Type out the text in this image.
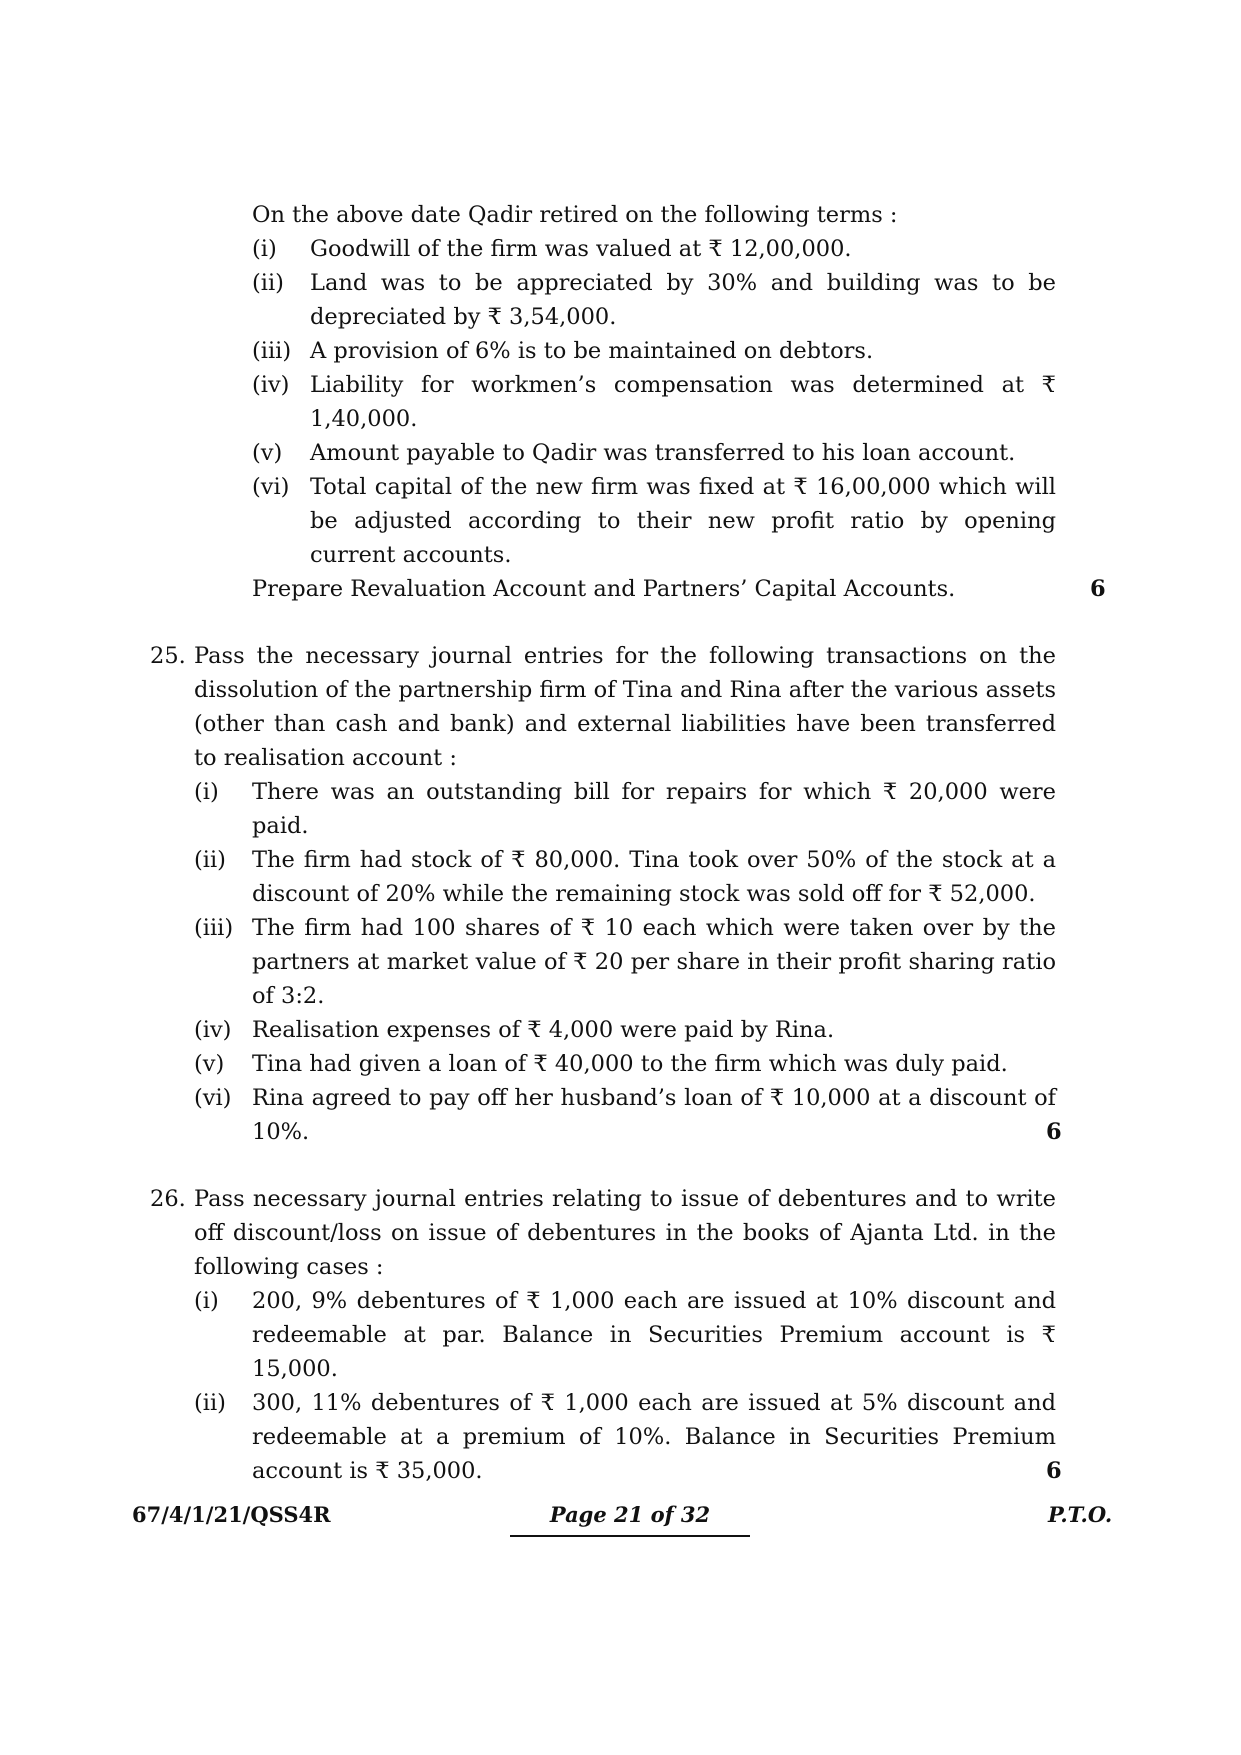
On the above date Qadir retired on the following terms :
(i)	Goodwill of the firm was valued at ₹ 12,00,000.
(ii)	Land was to be appreciated by 30% and building was to be depreciated by ₹ 3,54,000.
(iii) A provision of 6% is to be maintained on debtors.
(iv) Liability for workmen’s compensation was determined at ₹ 1,40,000.
(v)	Amount payable to Qadir was transferred to his loan account.
(vi) Total capital of the new firm was fixed at ₹ 16,00,000 which will be adjusted according to their new profit ratio by opening current accounts.
Prepare Revaluation Account and Partners’ Capital Accounts.	6
25. Pass the necessary journal entries for the following transactions on the dissolution of the partnership firm of Tina and Rina after the various assets (other than cash and bank) and external liabilities have been transferred to realisation account :
(i)	There was an outstanding bill for repairs for which ₹ 20,000 were paid.
(ii)	The firm had stock of ₹ 80,000. Tina took over 50% of the stock at a discount of 20% while the remaining stock was sold off for ₹ 52,000.
(iii) The firm had 100 shares of ₹ 10 each which were taken over by the partners at market value of ₹ 20 per share in their profit sharing ratio of 3:2.
(iv) Realisation expenses of ₹ 4,000 were paid by Rina.
(v)	Tina had given a loan of ₹ 40,000 to the firm which was duly paid.
(vi) Rina agreed to pay off her husband’s loan of ₹ 10,000 at a discount of 10%.	6
26. Pass necessary journal entries relating to issue of debentures and to write off discount/loss on issue of debentures in the books of Ajanta Ltd. in the following cases :
(i)	200, 9% debentures of ₹ 1,000 each are issued at 10% discount and redeemable at par. Balance in Securities Premium account is ₹ 15,000.
(ii)	300, 11% debentures of ₹ 1,000 each are issued at 5% discount and redeemable at a premium of 10%. Balance in Securities Premium account is ₹ 35,000.	6
67/4/1/21/QSS4R	Page 21 of 32	P.T.O.
